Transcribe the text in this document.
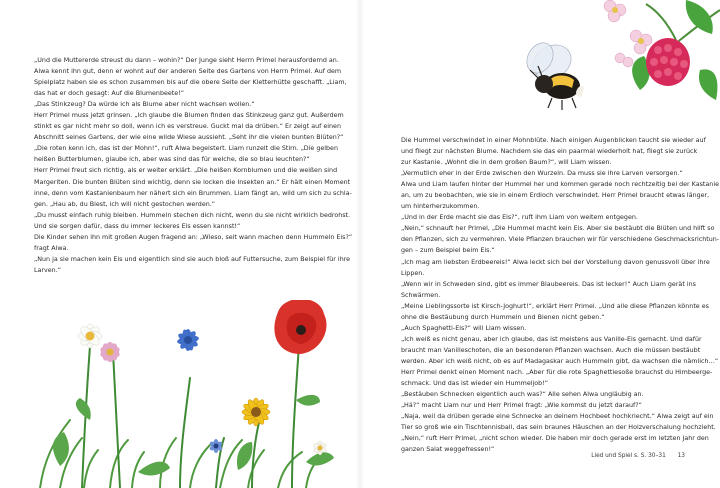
„Und die Muttererde streust du dann – wohin?“ Der Junge sieht Herrn Primel herausfordernd an.

Alwa kennt ihn gut, denn er wohnt auf der anderen Seite des Gartens von Herrn Primel. Auf dem

Spielplatz haben sie es schon zusammen bis auf die obere Seite der Kletterhütte geschafft. „Liam,

das hat er doch gesagt: Auf die Blumenbeete!“

„Das Stinkzeug? Da würde ich als Blume aber nicht wachsen wollen.“

Herr Primel muss jetzt grinsen. „Ich glaube die Blumen finden das Stinkzeug ganz gut. Außerdem

stinkt es gar nicht mehr so doll, wenn ich es verstreue. Guckt mal da drüben.“ Er zeigt auf einen

Abschnitt seines Gartens, der wie eine wilde Wiese aussieht. „Seht ihr die vielen bunten Blüten?“

„Die roten kenn ich, das ist der Mohn!“, ruft Alwa begeistert. Liam runzelt die Stirn. „Die gelben

heißen Butterblumen, glaube ich, aber was sind das für welche, die so blau leuchten?“

Herr Primel freut sich richtig, als er weiter erklärt. „Die heißen Kornblumen und die weißen sind

Margeriten. Die bunten Blüten sind wichtig, denn sie locken die Insekten an.“ Er hält einen Moment

inne, denn vom Kastanienbaum her nähert sich ein Brummen. Liam fängt an, wild um sich zu schla-

gen. „Hau ab, du Biest, ich will nicht gestochen werden.“

„Du musst einfach ruhig bleiben. Hummeln stechen dich nicht, wenn du sie nicht wirklich bedrohst.

Und sie sorgen dafür, dass du immer leckeres Eis essen kannst!“

Die Kinder sehen ihn mit großen Augen fragend an: „Wieso, seit wann machen denn Hummeln Eis?“

fragt Alwa.

„Nun ja sie machen kein Eis und eigentlich sind sie auch bloß auf Futtersuche, zum Beispiel für ihre

Larven.“

Die Hummel verschwindet in einer Mohnblüte. Nach einigen Augenblicken taucht sie wieder auf

und fliegt zur nächsten Blume. Nachdem sie das ein paarmal wiederholt hat, fliegt sie zurück

zur Kastanie. „Wohnt die in dem großen Baum?“, will Liam wissen.

„Vermutlich eher in der Erde zwischen den Wurzeln. Da muss sie ihre Larven versorgen.“

Alwa und Liam laufen hinter der Hummel her und kommen gerade noch rechtzeitig bei der Kastanie

an, um zu beobachten, wie sie in einem Erdloch verschwindet. Herr Primel braucht etwas länger,

um hinterherzukommen.

„Und in der Erde macht sie das Eis?“, ruft ihm Liam von weitem entgegen.

„Nein,“ schnauft her Primel, „Die Hummel macht kein Eis. Aber sie bestäubt die Blüten und hilft so

den Pflanzen, sich zu vermehren. Viele Pflanzen brauchen wir für verschiedene Geschmacksrichtun-

gen – zum Beispiel beim Eis.“

„Ich mag am liebsten Erdbeereis!“ Alwa leckt sich bei der Vorstellung davon genussvoll über ihre

Lippen.

„Wenn wir in Schweden sind, gibt es immer Blaubeereis. Das ist lecker!“ Auch Liam gerät ins

Schwärmen.

„Meine Lieblingssorte ist Kirsch-Joghurt!“, erklärt Herr Primel. „Und alle diese Pflanzen könnte es

ohne die Bestäubung durch Hummeln und Bienen nicht geben.“

„Auch Spaghetti-Eis?“ will Liam wissen.

„Ich weiß es nicht genau, aber ich glaube, das ist meistens aus Vanille-Eis gemacht. Und dafür

braucht man Vanilleschoten, die an besonderen Pflanzen wachsen. Auch die müssen bestäubt

werden. Aber ich weiß nicht, ob es auf Madagaskar auch Hummeln gibt, da wachsen die nämlich…“

Herr Primel denkt einen Moment nach. „Aber für die rote Spaghettiesoße brauchst du Himbeerge-

schmack. Und das ist wieder ein Hummeljob!“

„Bestäuben Schnecken eigentlich auch was?“ Alle sehen Alwa ungläubig an.

„Hä?“ macht Liam nur und Herr Primel fragt: „Wie kommst du jetzt darauf?“

„Naja, weil da drüben gerade eine Schnecke an deinem Hochbeet hochkriecht.“ Alwa zeigt auf ein

Tier so groß wie ein Tischtennisball, das sein braunes Häuschen an der Holzverschalung hochzieht.

„Nein,“ ruft Herr Primel, „nicht schon wieder. Die haben mir doch gerade erst im letzten Jahr den

ganzen Salat weggefressen!“

Lied und Spiel s. S. 30–31 13
